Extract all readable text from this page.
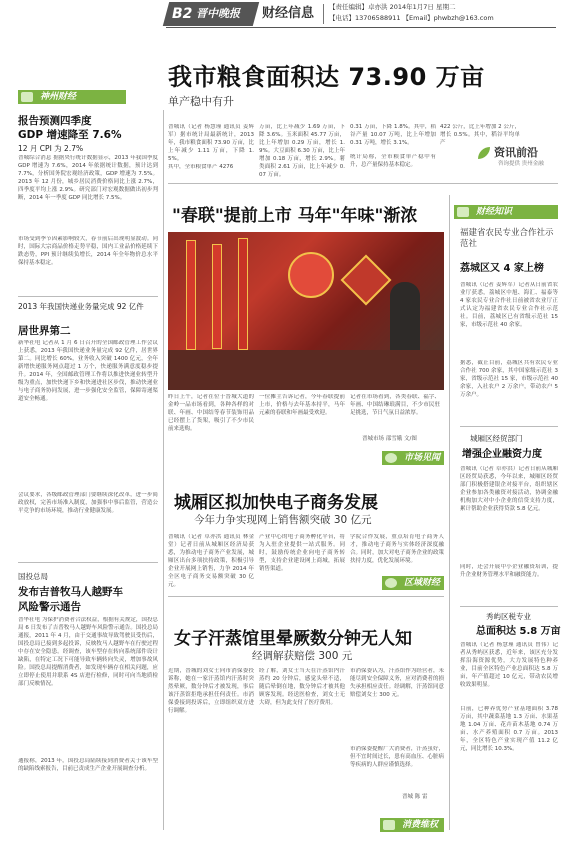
B2 晋中晚报 财经信息 【责任编辑】卓亦洪 2014年1月7日 星期二
【电话】13706588911 【Email】phwbzh@163.com
我市粮食面积达 73.90 万亩
单产稳中有升
神州财经
报告预测四季度
GDP 增速降至 7.6%
12 月 CPI 为 2.7%
晋城综合消息 据据央行统计数据显示，2013 年我国季度 GDP 增速为 7.6%，2014 年依据统计数据，预计达到 7.7%，分析国务院宏观经济政策，GDP 增速为 7.5%。2013 年 12 月份，城乡居民消费价格同比上涨 2.7%，四季度平均上涨 2.9%。研究部门对宏观数据做出初步判断，2014 年一季度 GDP 同比增长 7.5%。
市场受到季节因素影响较大，春节前后出现明显波动。同时，国际大宗商品价格走势平稳，国内工业品价格延续下跌态势，PPI 预计继续负增长，2014 年全年物价总水平保持基本稳定。
2013 年我国快递业务量完成 92 亿件
居世界第二
新华社电 记者从 1 月 6 日召开的全国邮政管理工作会议上获悉，2013 年我国快递业务量完成 92 亿件，居世界第二。同比增长 60%，业务收入突破 1400 亿元，全年新增快递服务网点超过 1 万个，快递服务满意度稳步提升。2014 年，全国邮政管理工作将以推进快递业转型升级为重点，加快快递下乡和快递进社区步伐，推动快递业与电子商务协同发展，进一步强化安全监管，保障寄递渠道安全畅通。
会议要求，各级邮政管理部门要继续深化改革，进一步简政放权，完善市场准入制度，加强事中事后监管，营造公平竞争的市场环境，推动行业健康发展。
国投总局
发布吉普牧马人越野车
风险警示通告
晋华社电 为保护消费者合法权益，根据有关规定，国投总局 6 日发布了吉普牧马人越野车风险警示通告。国投总局通报，2011 年 4 月，由于交通事故导致驾驶员受伤后，国投总局已接到多起投诉，反映牧马人越野车在行驶过程中存在安全隐患。经调查，该车型存在转向系统部件设计缺陷，在特定工况下可能导致车辆转向失灵，增加事故风险。国投总局提醒消费者，如发现车辆存在相关问题，应立即停止使用并联系 4S 店进行检修，同时可向当地质检部门反映情况。
通报称，2013 年，国投总局陆续接到消费者关于该车型的缺陷线索报告，目前已责成生产企业开展调查分析。
晋城讯（记者 杨慧瑾 通讯员 姜辉军）据市统计局最新统计，2013 年，我市粮食面积 73.90 万亩，比上年减少 1.11 万亩，下降 1.5%。
其中，全市粮食单产 4276
万亩，比上年减少 1.69 万亩，下降 3.6%。玉米面积 45.77 万亩，比上年增加 0.29 万亩，增长 1.9%。大豆面积 6.30 万亩，比上年增加 0.18 万亩，增长 2.9%。薯类面积 2.61 万亩，比上年减少 0.07 万亩。
0.31 万亩，下降 1.8%。其中，稻谷产量 10.07 万吨，比上年增加 0.31 万吨，增长 3.1%。
统计局称，全市粮食单产稳中有升，总产量保持基本稳定。
422 公斤，比上年增加 2 公斤，增长 0.5%。其中，稻谷平均单产
资讯前沿
咨询提供 贵州金融
"春联"提前上市 马年"年味"渐浓
昨日上午，记者在位于晋城大道的金岭一品市场看到，各种各样的对联、年画、中国结等春节装饰用品已经摆上了货架，吸引了不少市民前来选购。
一位摊主告诉记者，今年春联提前上市，价格与去年基本持平，马年元素的春联和年画最受欢迎。
记者在市场看到，各类春联、福字、年画、中国结琳琅满目，不少市民驻足挑选，节日气氛日益浓厚。
晋城市场 邵雪娥 文/图
市场见闻
财经知识
福建省农民专业合作社示范社
荔城区又 4 家上榜
晋城讯（记者 姜辉军）记者从日前省农业厅获悉，荔城区中旭、海汇、福泰等 4 家农民专业合作社日前被省农业厅正式认定为福建省农民专业合作社示范社。目前，荔城区已有省级示范社 15 家，市级示范社 40 余家。
据悉，截止目前，荔城区共有农民专业合作社 700 余家，其中国家级示范社 3 家，省级示范社 15 家，市级示范社 40 余家，入社农户 2 万余户，带动农户 5 万余户。
城厢区经贸部门
增强企业融资力度
晋城讯（记者 卓亦洪）记者日前从城厢区经贸局获悉，今年以来，城厢区经贸部门积极搭建银企对接平台，组织辖区企业参加各类融资对接活动，协调金融机构加大对中小企业的信贷支持力度，累计帮助企业获得贷款 5.8 亿元。
同时，还会开展中小企业融资培训，提升企业财务管理水平和融资能力。
秀屿区税专业
总面积达 5.8 万亩
晋城讯（记者 杨慧瑾 通讯员 曾伟）记者从秀屿区获悉，近年来，该区充分发挥沿海资源优势，大力发展特色种养业，目前全区特色产业总面积达 5.8 万亩，年产值超过 10 亿元，带动农民增收效果明显。
目前，已种养优势产业基地面积 3.78 万亩，其中蔬菜基地 1.3 万亩、水果基地 1.04 万亩、花卉苗木基地 0.74 万亩、水产养殖面积 0.7 万亩。2013 年，全区特色产业实现产值 11.2 亿元，同比增长 10.3%。
城厢区拟加快电子商务发展
今年力争实现网上销售额突破 30 亿元
晋城讯（记者 卓亦洪 通讯员 林金堂）记者日前从城厢区经济局获悉，为推动电子商务产业发展，城厢区出台多项扶持政策，积极引导企业开展网上销售，力争 2014 年全区电子商务交易额突破 30 亿元。
产业中心的电子商务孵化平台，将为入驻企业提供一站式服务。同时，鼓励传统企业向电子商务转型，支持企业建设网上商城，拓展销售渠道。
学院合作发展，重点培育电子商务人才，推动电子商务与实体经济深度融合。同时，加大对电子商务企业的政策扶持力度，优化发展环境。
区域财经
女子汗蒸馆里晕厥数分钟无人知
经调解获赔偿 300 元
近期，晋城的刘女士向市消保委投诉称，她在一家汗蒸馆内汗蒸时突然晕厥，数分钟后才被发现，事后该汗蒸馆拒绝承担任何责任。市消保委接到投诉后，立即组织双方进行调解。
经了解，刘女士当天在汗蒸馆内汗蒸约 20 分钟后，感觉头晕不适，随后晕倒在地，数分钟后才被其他顾客发现。经送医检查，刘女士无大碍，但为此支付了医疗费用。
市消保委认为，汗蒸馆作为经营者，未能尽到安全保障义务，应对消费者的损失承担相应责任。经调解，汗蒸馆同意赔偿刘女士 300 元。
市消保委提醒广大消费者，汗蒸虽好，但不宜时间过长，患有高血压、心脏病等疾病的人群应谨慎选择。
晋城 陈 雷
消费维权
